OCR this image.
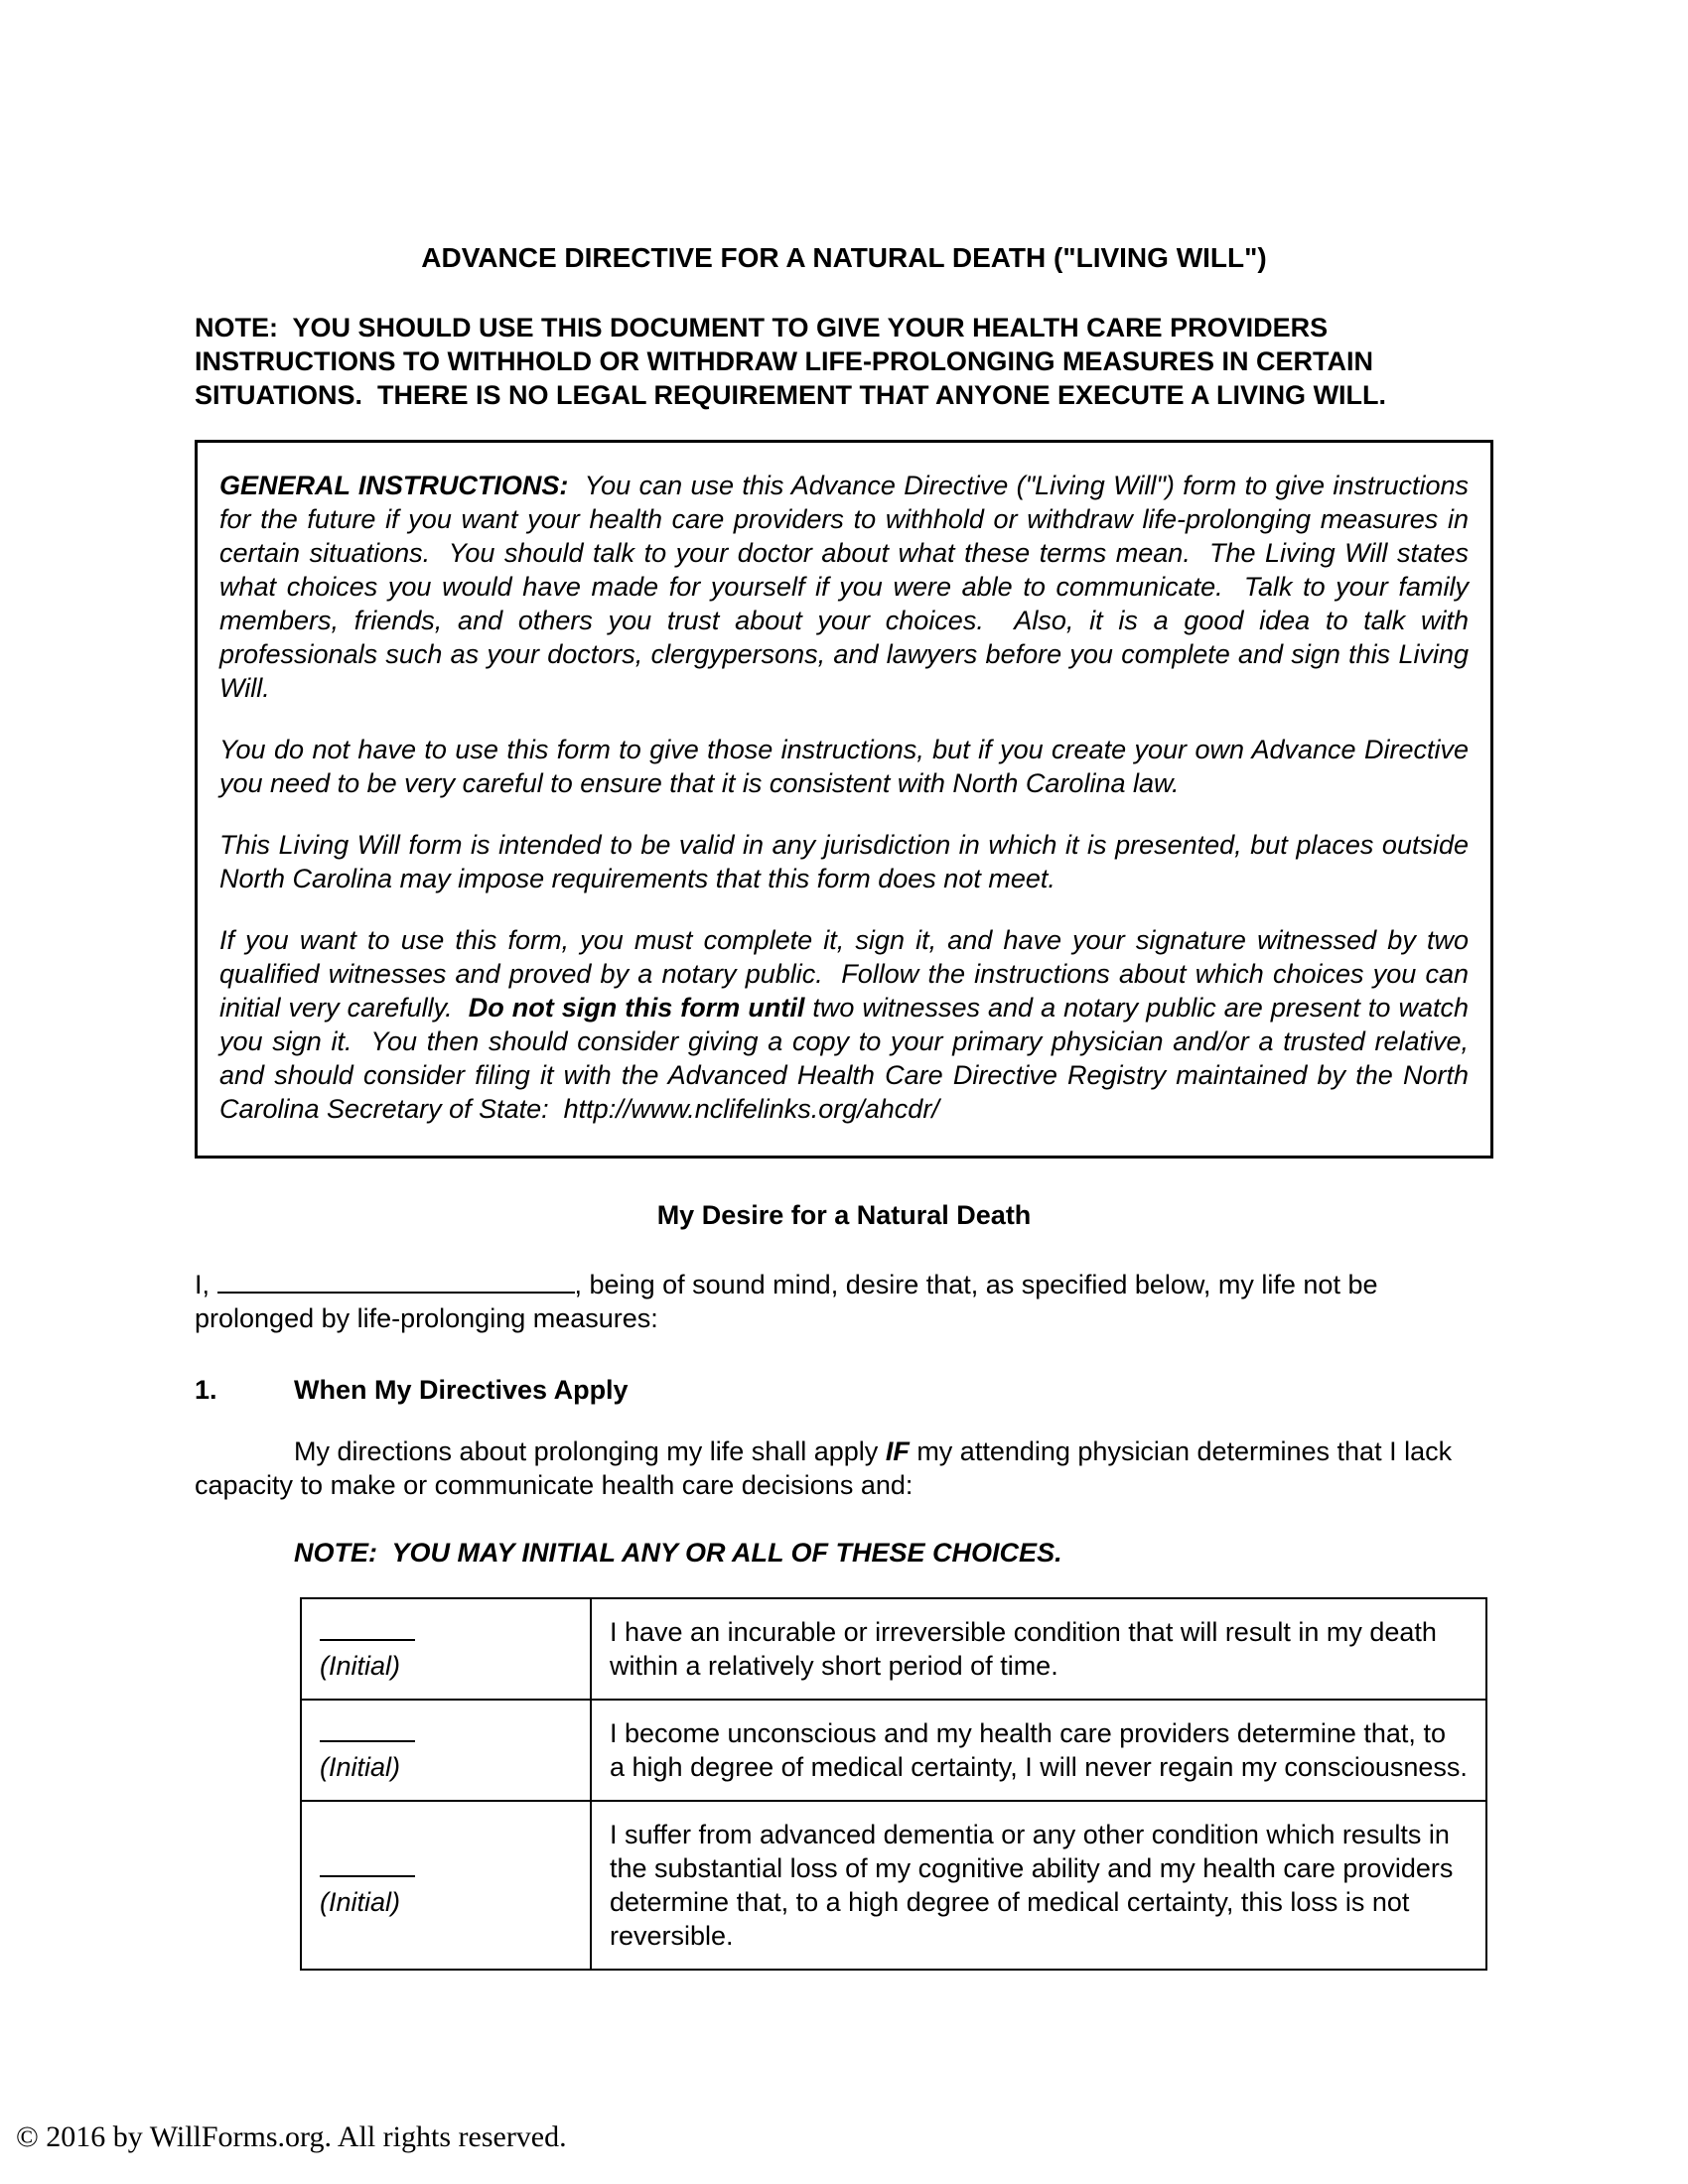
ADVANCE DIRECTIVE FOR A NATURAL DEATH ("LIVING WILL")

NOTE:  YOU SHOULD USE THIS DOCUMENT TO GIVE YOUR HEALTH CARE PROVIDERS INSTRUCTIONS TO WITHHOLD OR WITHDRAW LIFE-PROLONGING MEASURES IN CERTAIN SITUATIONS.  THERE IS NO LEGAL REQUIREMENT THAT ANYONE EXECUTE A LIVING WILL.

GENERAL INSTRUCTIONS:  You can use this Advance Directive ("Living Will") form to give instructions for the future if you want your health care providers to withhold or withdraw life-prolonging measures in certain situations.  You should talk to your doctor about what these terms mean.  The Living Will states what choices you would have made for yourself if you were able to communicate.  Talk to your family members, friends, and others you trust about your choices.  Also, it is a good idea to talk with professionals such as your doctors, clergypersons, and lawyers before you complete and sign this Living Will.

You do not have to use this form to give those instructions, but if you create your own Advance Directive you need to be very careful to ensure that it is consistent with North Carolina law.

This Living Will form is intended to be valid in any jurisdiction in which it is presented, but places outside North Carolina may impose requirements that this form does not meet.

If you want to use this form, you must complete it, sign it, and have your signature witnessed by two qualified witnesses and proved by a notary public.  Follow the instructions about which choices you can initial very carefully.  Do not sign this form until two witnesses and a notary public are present to watch you sign it.  You then should consider giving a copy to your primary physician and/or a trusted relative, and should consider filing it with the Advanced Health Care Directive Registry maintained by the North Carolina Secretary of State:  http://www.nclifelinks.org/ahcdr/

My Desire for a Natural Death

I,	, being of sound mind, desire that, as specified below, my life not be prolonged by life-prolonging measures:

1.	When My Directives Apply

My directions about prolonging my life shall apply IF my attending physician determines that I lack capacity to make or communicate health care decisions and:

NOTE:  YOU MAY INITIAL ANY OR ALL OF THESE CHOICES.

(Initial)	I have an incurable or irreversible condition that will result in my death within a relatively short period of time.

(Initial)	I become unconscious and my health care providers determine that, to a high degree of medical certainty, I will never regain my consciousness.

(Initial)	I suffer from advanced dementia or any other condition which results in the substantial loss of my cognitive ability and my health care providers determine that, to a high degree of medical certainty, this loss is not reversible.
© 2016 by WillForms.org. All rights reserved.
